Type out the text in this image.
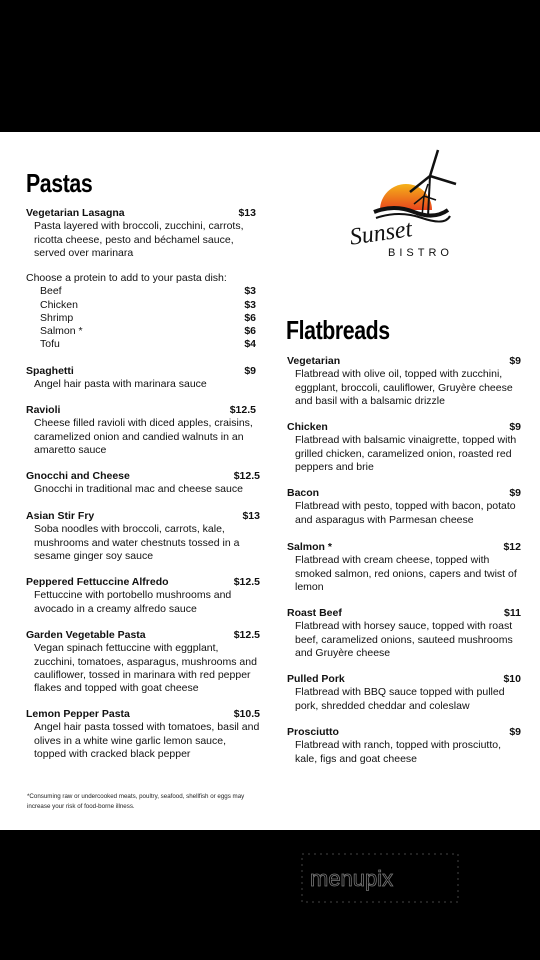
Sunset
BISTRO
Pastas
Vegetarian Lasagna	$13
Pasta layered with broccoli, zucchini, carrots, ricotta cheese, pesto and béchamel sauce, served over marinara
Choose a protein to add to your pasta dish:
Beef	$3
Chicken	$3
Shrimp	$6
Salmon *	$6
Tofu	$4
Spaghetti	$9
Angel hair pasta with marinara sauce
Ravioli	$12.5
Cheese filled ravioli with diced apples, craisins, caramelized onion and candied walnuts in an amaretto sauce
Gnocchi and Cheese	$12.5
Gnocchi in traditional mac and cheese sauce
Asian Stir Fry	$13
Soba noodles with broccoli, carrots, kale, mushrooms and water chestnuts tossed in a sesame ginger soy sauce
Peppered Fettuccine Alfredo	$12.5
Fettuccine with portobello mushrooms and avocado in a creamy alfredo sauce
Garden Vegetable Pasta	$12.5
Vegan spinach fettuccine with eggplant, zucchini, tomatoes, asparagus, mushrooms and cauliflower, tossed in marinara with red pepper flakes and topped with goat cheese
Lemon Pepper Pasta	$10.5
Angel hair pasta tossed with tomatoes, basil and olives in a white wine garlic lemon sauce, topped with cracked black pepper
*Consuming raw or undercooked meats, poultry, seafood, shellfish or eggs may increase your risk of food-borne illness.
Flatbreads
Vegetarian	$9
Flatbread with olive oil, topped with zucchini, eggplant, broccoli, cauliflower, Gruyère cheese and basil with a balsamic drizzle
Chicken	$9
Flatbread with balsamic vinaigrette, topped with grilled chicken, caramelized onion, roasted red peppers and brie
Bacon	$9
Flatbread with pesto, topped with bacon, potato and asparagus with Parmesan cheese
Salmon *	$12
Flatbread with cream cheese, topped with smoked salmon, red onions, capers and twist of lemon
Roast Beef	$11
Flatbread with horsey sauce, topped with roast beef, caramelized onions, sauteed mushrooms and Gruyère cheese
Pulled Pork	$10
Flatbread with BBQ sauce topped with pulled pork, shredded cheddar and coleslaw
Prosciutto	$9
Flatbread with ranch, topped with prosciutto, kale, figs and goat cheese
menupix
